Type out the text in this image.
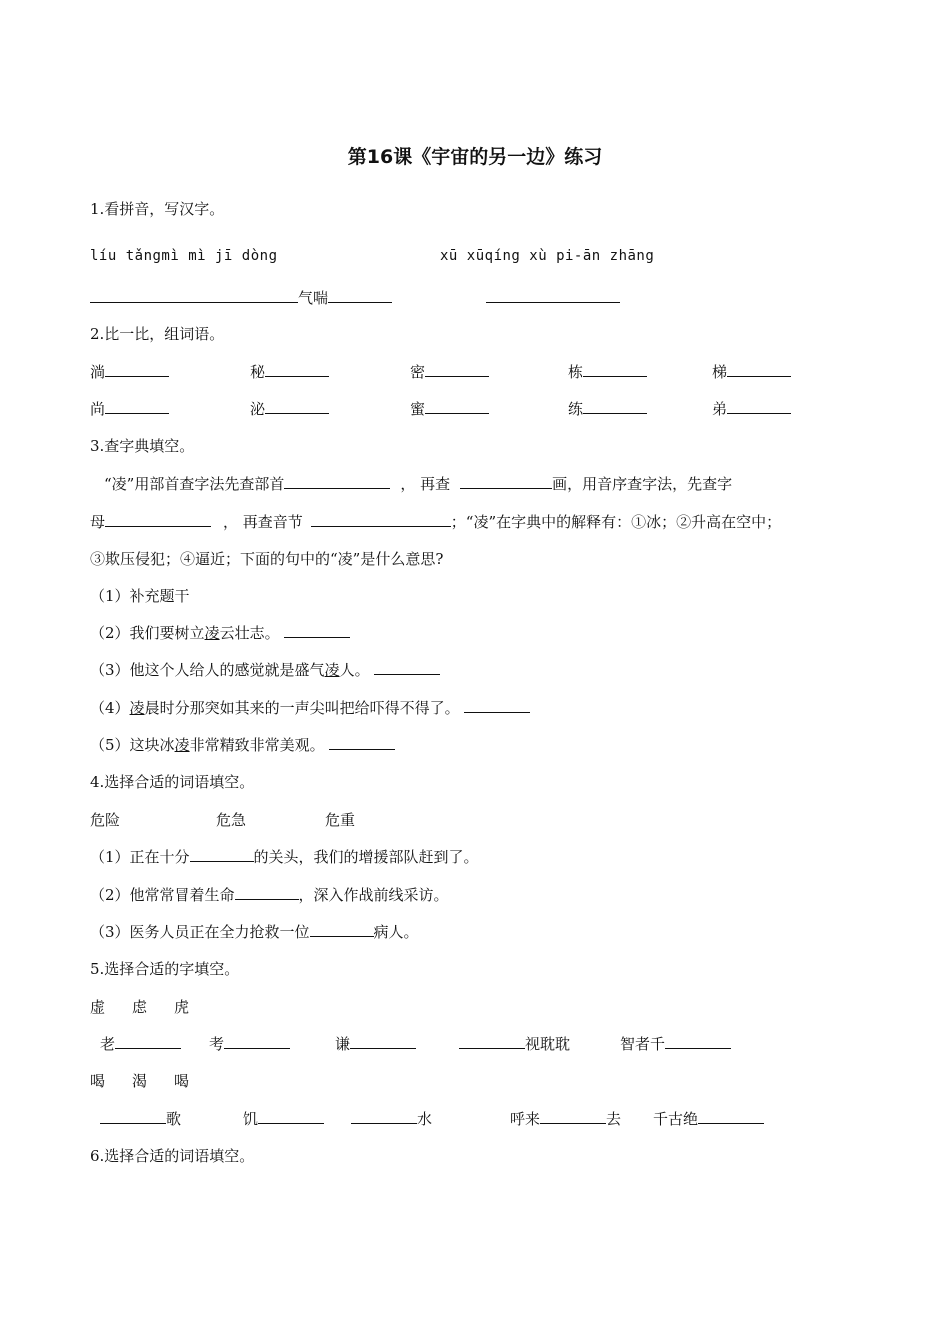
第16课《宇宙的另一边》练习
1.看拼音，写汉字。
líu tǎngmì mì jī dòng	xū xūqíng xù pi-ān zhāng
气喘
2.比一比，组词语。
淌	秘	密	栋	梯
尚	泌	蜜	练	弟
3.查字典填空。
“凌”用部首查字法先查部首	， 再查	画，用音序查字法，先查字
母	， 再查音节	；“凌”在字典中的解释有：①冰；②升高在空中；
③欺压侵犯；④逼近；下面的句中的“凌”是什么意思?
（1）补充题干
（2）我们要树立凌云壮志。
（3）他这个人给人的感觉就是盛气凌人。
（4）凌晨时分那突如其来的一声尖叫把给吓得不得了。
（5）这块冰凌非常精致非常美观。
4.选择合适的词语填空。
危险	危急	危重
（1）正在十分	的关头，我们的增援部队赶到了。
（2）他常常冒着生命	，深入作战前线采访。
（3）医务人员正在全力抢救一位	病人。
5.选择合适的字填空。
虚 虑 虎
老	考	谦	视耽耽	智者千
喝 渴 喝
歌	饥	水	呼来	去 千古绝
6.选择合适的词语填空。
